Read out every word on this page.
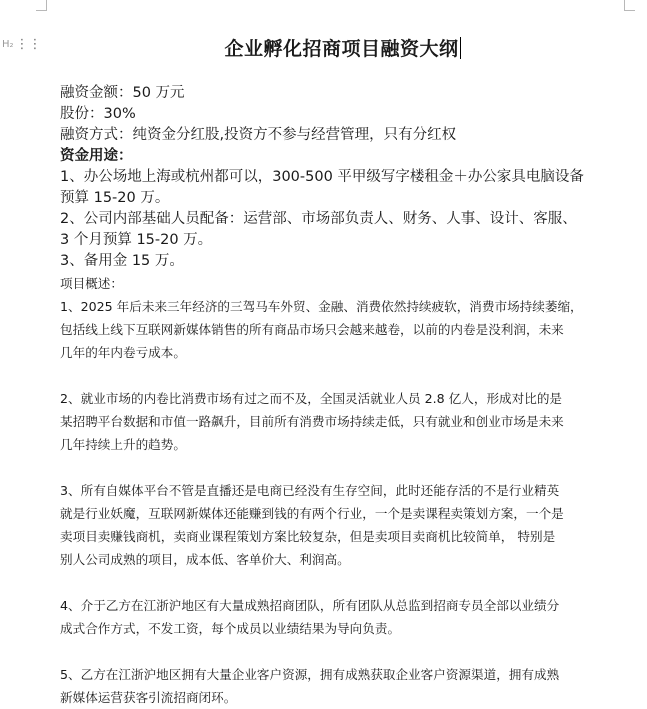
H₂ ⋮⋮	企业孵化招商项目融资大纲

融资金额：50 万元

股份：30%

融资方式：纯资金分红股,投资方不参与经营管理，只有分红权

资金用途：

1、办公场地上海或杭州都可以，300-500 平甲级写字楼租金＋办公家具电脑设备

预算 15-20 万。

2、公司内部基础人员配备：运营部、市场部负责人、财务、人事、设计、客服、

3 个月预算 15-20 万。

3、备用金 15 万。

项目概述：

1、2025 年后未来三年经济的三驾马车外贸、金融、消费依然持续疲软，消费市场持续萎缩，

包括线上线下互联网新媒体销售的所有商品市场只会越来越卷，以前的内卷是没利润，未来

几年的年内卷亏成本。

2、就业市场的内卷比消费市场有过之而不及，全国灵活就业人员 2.8 亿人，形成对比的是

某招聘平台数据和市值一路飙升，目前所有消费市场持续走低，只有就业和创业市场是未来

几年持续上升的趋势。

3、所有自媒体平台不管是直播还是电商已经没有生存空间，此时还能存活的不是行业精英

就是行业妖魔，互联网新媒体还能赚到钱的有两个行业，一个是卖课程卖策划方案，一个是

卖项目卖赚钱商机，卖商业课程策划方案比较复杂，但是卖项目卖商机比较简单， 特别是

别人公司成熟的项目，成本低、客单价大、利润高。

4、介于乙方在江浙沪地区有大量成熟招商团队，所有团队从总监到招商专员全部以业绩分

成式合作方式，不发工资，每个成员以业绩结果为导向负责。

5、乙方在江浙沪地区拥有大量企业客户资源，拥有成熟获取企业客户资源渠道，拥有成熟

新媒体运营获客引流招商闭环。
